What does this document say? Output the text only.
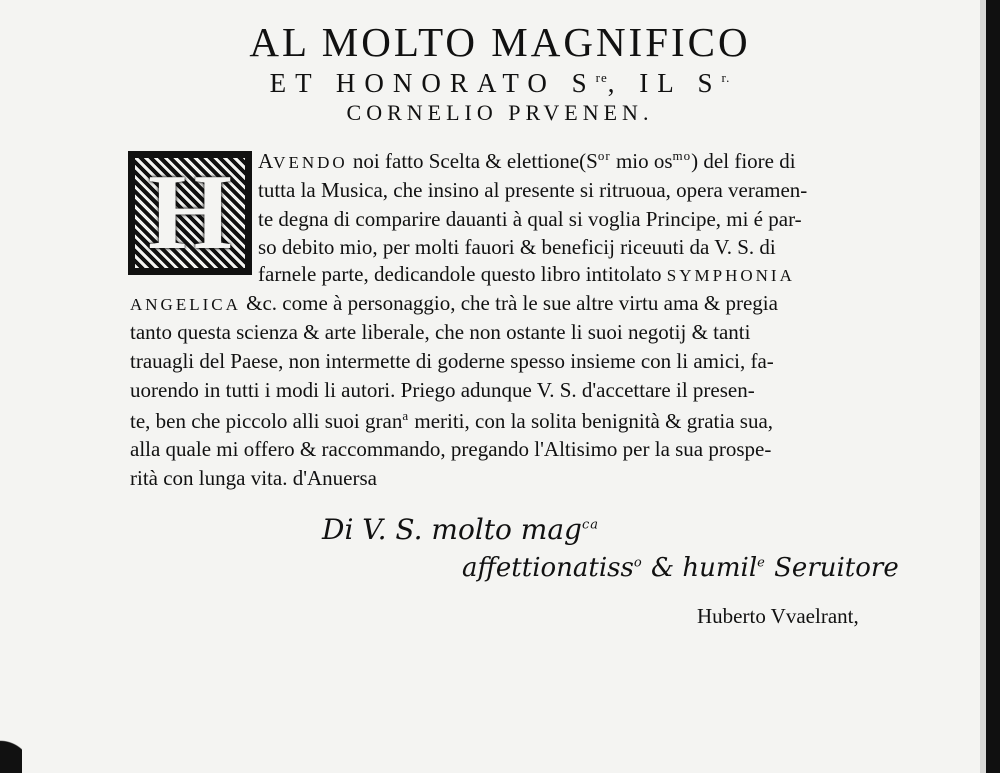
AL MOLTO MAGNIFICO
ET HONORATO $S^{re}$, IL $S^{r.}$
CORNELIO PRVENEN.
H	AVENDO noi fatto Scelta & $elettione(S^{or}$ mio $os^{mo}$) del fiore di
tutta la Musica, che insino al presente si ritruoua, opera veramen-
te degna di comparire dauanti à qual si voglia Principe, mi é par-
so debito mio, per molti fauori & beneficij riceuuti da V. S. di
farnele parte, dedicandole questo libro intitolato SYMPHONIA
ANGELICA &c. come à personaggio, che trà le sue altre virtu ama & pregia
tanto questa scienza & arte liberale, che non ostante li suoi negotij & tanti
trauagli del Paese, non intermette di goderne spesso insieme con li amici, fa-
uorendo in tutti i modi li autori. Priego adunque V. S. d'accettare il presen-
te, ben che piccolo alli suoi gran$^a$ meriti, con la solita benignità & gratia sua,
alla quale mi offero & raccommando, pregando l'Altisimo per la sua prospe-
rità con lunga vita. d'Anuersa
Di V. S. molto mag$^{ca}$
affettionatiss$^o$ & humil$^e$ Seruitore
Huberto Vvaelrant,
